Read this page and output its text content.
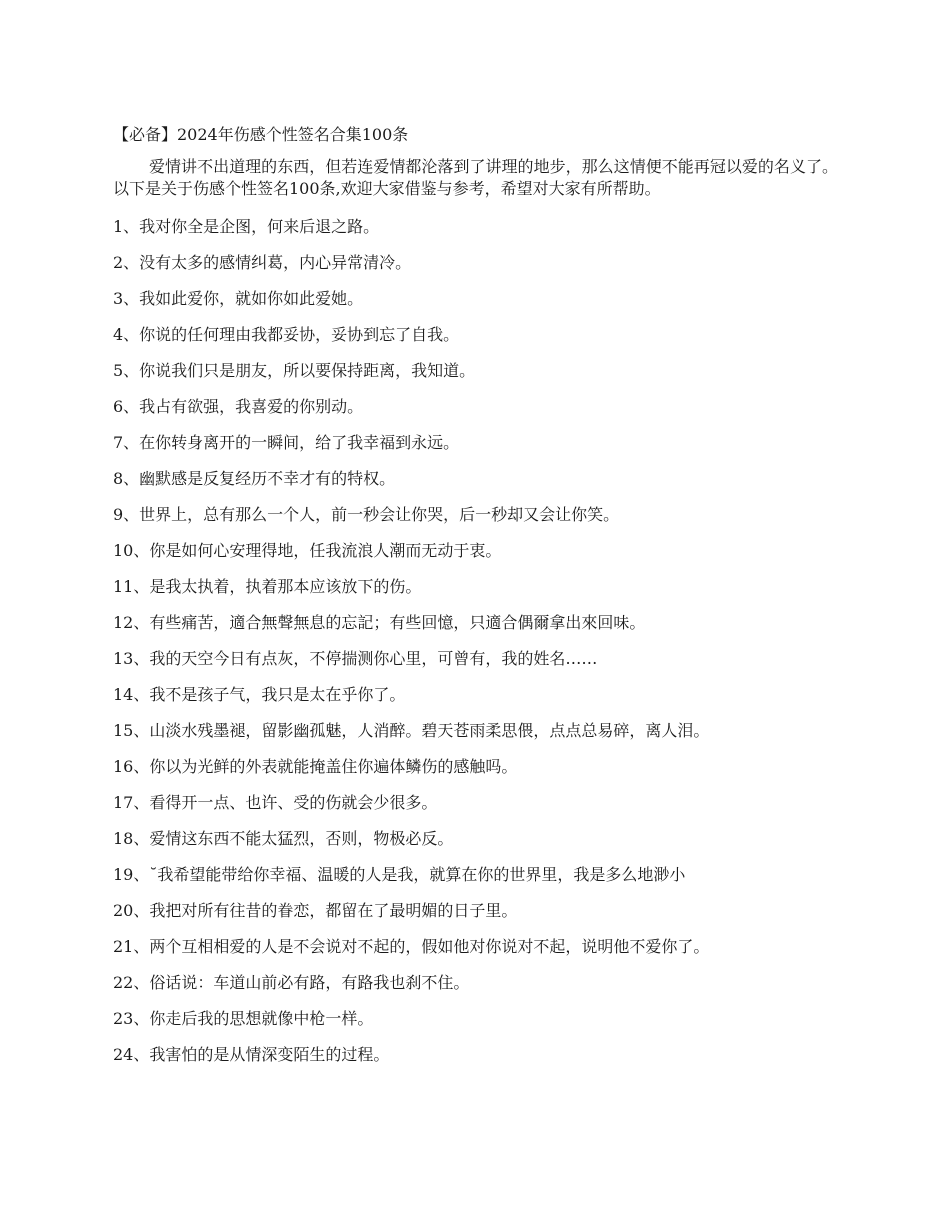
【必备】2024年伤感个性签名合集100条

爱情讲不出道理的东西，但若连爱情都沦落到了讲理的地步，那么这情便不能再冠以爱的名义了。以下是关于伤感个性签名100条,欢迎大家借鉴与参考，希望对大家有所帮助。

1、我对你全是企图，何来后退之路。
2、没有太多的感情纠葛，内心异常清冷。
3、我如此爱你，就如你如此爱她。
4、你说的任何理由我都妥协，妥协到忘了自我。
5、你说我们只是朋友，所以要保持距离，我知道。
6、我占有欲强，我喜爱的你别动。
7、在你转身离开的一瞬间，给了我幸福到永远。
8、幽默感是反复经历不幸才有的特权。
9、世界上，总有那么一个人，前一秒会让你哭，后一秒却又会让你笑。
10、你是如何心安理得地，任我流浪人潮而无动于衷。
11、是我太执着，执着那本应该放下的伤。
12、有些痛苦，適合無聲無息的忘記；有些回憶，只適合偶爾拿出來回味。
13、我的天空今日有点灰，不停揣测你心里，可曾有，我的姓名……
14、我不是孩子气，我只是太在乎你了。
15、山淡水残墨褪，留影幽孤魅，人消醉。碧天苍雨柔思偎，点点总易碎，离人泪。
16、你以为光鲜的外表就能掩盖住你遍体鳞伤的感触吗。
17、看得开一点、也许、受的伤就会少很多。
18、爱情这东西不能太猛烈，否则，物极必反。
19、˘我希望能带给你幸福、温暖的人是我，就算在你的世界里，我是多么地渺小
20、我把对所有往昔的眷恋，都留在了最明媚的日子里。
21、两个互相相爱的人是不会说对不起的，假如他对你说对不起，说明他不爱你了。
22、俗话说：车道山前必有路，有路我也刹不住。
23、你走后我的思想就像中枪一样。
24、我害怕的是从情深变陌生的过程。
